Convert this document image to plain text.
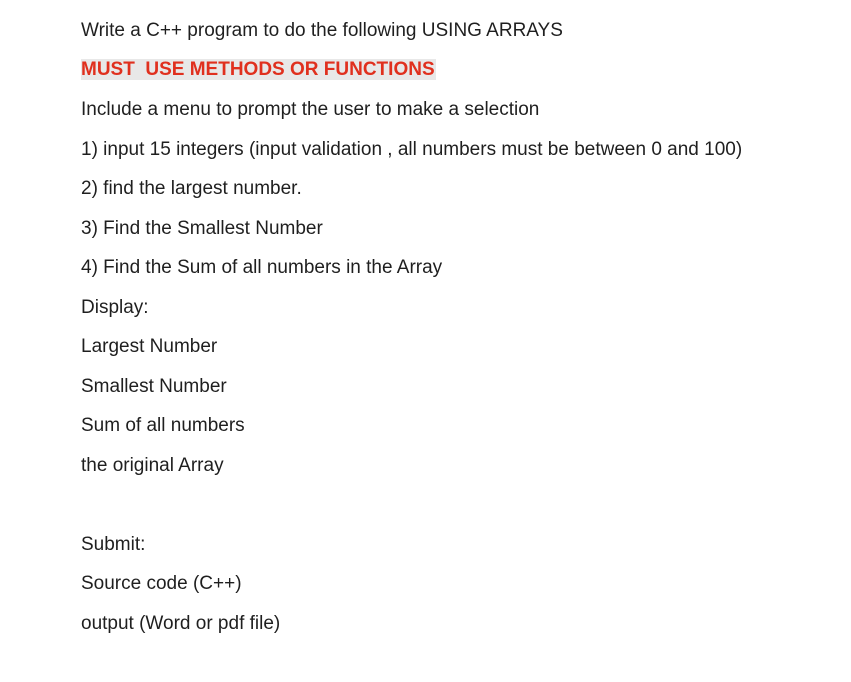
Write a C++ program to do the following USING ARRAYS

MUST  USE METHODS OR FUNCTIONS

Include a menu to prompt the user to make a selection

1) input 15 integers (input validation , all numbers must be between 0 and 100)

2) find the largest number.

3) Find the Smallest Number

4) Find the Sum of all numbers in the Array

Display:

Largest Number

Smallest Number

Sum of all numbers

the original Array

Submit:

Source code (C++)

output (Word or pdf file)
